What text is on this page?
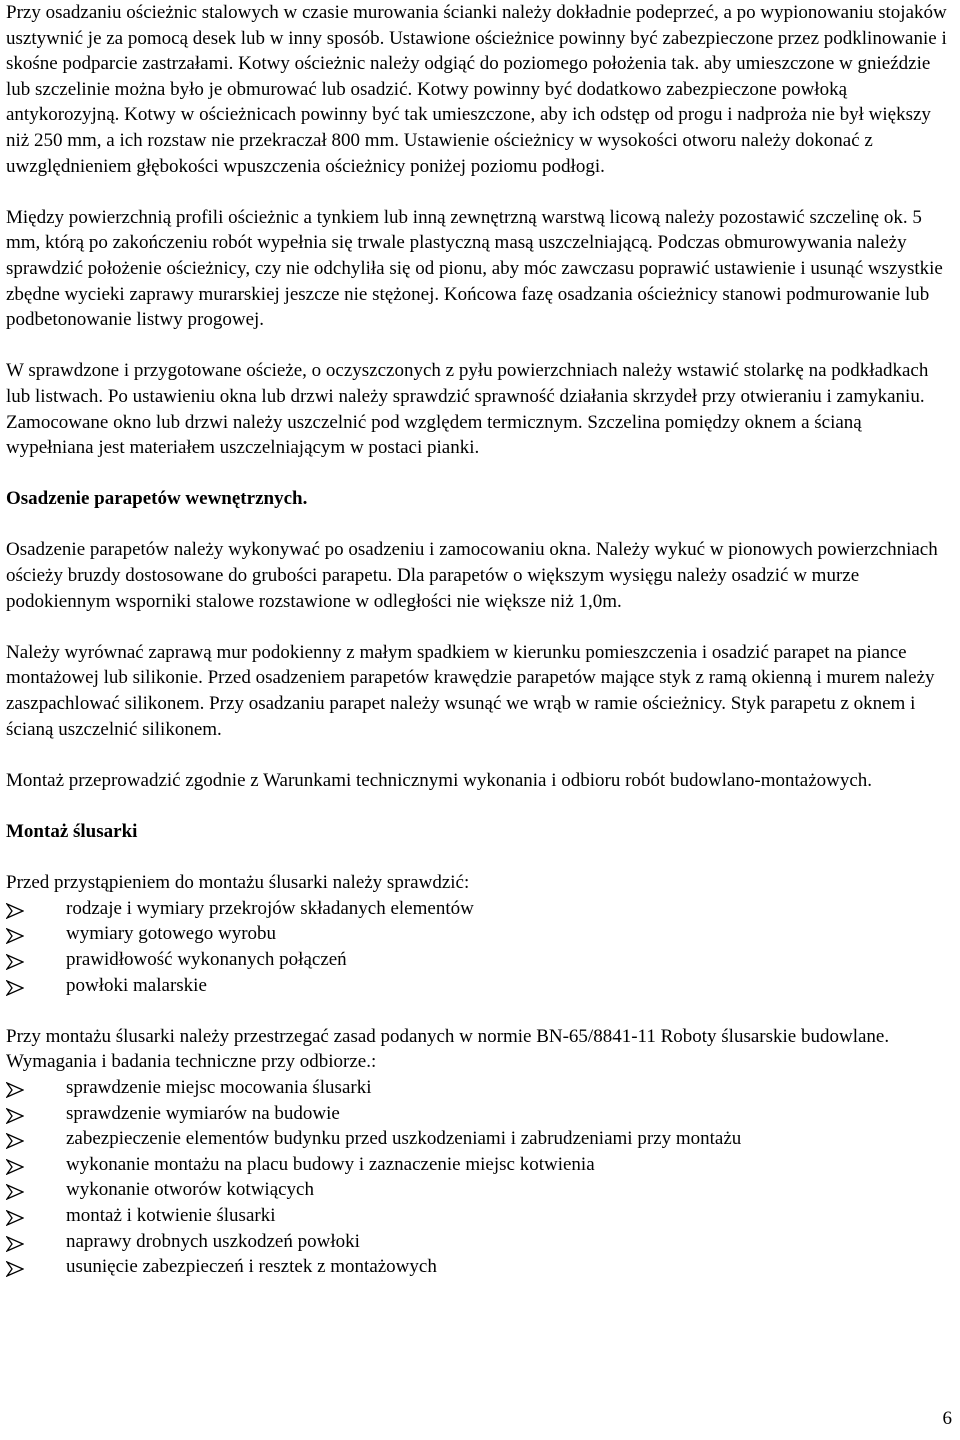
Przy osadzaniu ościeżnic stalowych w czasie murowania ścianki należy dokładnie podeprzeć, a po wypionowaniu stojaków usztywnić je za pomocą desek lub w inny sposób. Ustawione ościeżnice powinny być zabezpieczone przez podklinowanie i skośne podparcie zastrzałami. Kotwy ościeżnic należy odgiąć do poziomego położenia tak. aby umieszczone w gnieździe lub szczelinie można było je obmurować lub osadzić. Kotwy powinny być dodatkowo zabezpieczone powłoką antykorozyjną. Kotwy w ościeżnicach powinny być tak umieszczone, aby ich odstęp od progu i nadproża nie był większy niż 250 mm, a ich rozstaw nie przekraczał 800 mm. Ustawienie ościeżnicy w wysokości otworu należy dokonać z uwzględnieniem głębokości wpuszczenia ościeżnicy poniżej poziomu podłogi.

Między powierzchnią profili ościeżnic a tynkiem lub inną zewnętrzną warstwą licową należy pozostawić szczelinę ok. 5 mm, którą po zakończeniu robót wypełnia się trwale plastyczną masą uszczelniającą. Podczas obmurowywania należy sprawdzić położenie ościeżnicy, czy nie odchyliła się od pionu, aby móc zawczasu poprawić ustawienie i usunąć wszystkie zbędne wycieki zaprawy murarskiej jeszcze nie stężonej. Końcowa fazę osadzania ościeżnicy stanowi podmurowanie lub podbetonowanie listwy progowej.

W sprawdzone i przygotowane ościeże, o oczyszczonych z pyłu powierzchniach należy wstawić stolarkę na podkładkach lub listwach. Po ustawieniu okna lub drzwi należy sprawdzić sprawność działania skrzydeł przy otwieraniu i zamykaniu. Zamocowane okno lub drzwi należy uszczelnić pod względem termicznym. Szczelina pomiędzy oknem a ścianą wypełniana jest materiałem uszczelniającym w postaci pianki.

Osadzenie parapetów wewnętrznych.

Osadzenie parapetów należy wykonywać po osadzeniu i zamocowaniu okna. Należy wykuć w pionowych powierzchniach ościeży bruzdy dostosowane do grubości parapetu. Dla parapetów o większym wysięgu należy osadzić w murze podokiennym wsporniki stalowe rozstawione w odległości nie większe niż 1,0m.

Należy wyrównać zaprawą mur podokienny z małym spadkiem w kierunku pomieszczenia i osadzić parapet na piance montażowej lub silikonie. Przed osadzeniem parapetów krawędzie parapetów mające styk z ramą okienną i murem należy zaszpachlować silikonem. Przy osadzaniu parapet należy wsunąć we wrąb w ramie ościeżnicy. Styk parapetu z oknem i ścianą uszczelnić silikonem.

Montaż przeprowadzić zgodnie z Warunkami technicznymi wykonania i odbioru robót budowlano-montażowych.

Montaż ślusarki

Przed przystąpieniem do montażu ślusarki należy sprawdzić:

rodzaje i wymiary przekrojów składanych elementów
wymiary gotowego wyrobu
prawidłowość wykonanych połączeń
powłoki malarskie

Przy montażu ślusarki należy przestrzegać zasad podanych w normie BN-65/8841-11 Roboty ślusarskie budowlane. Wymagania i badania techniczne przy odbiorze.:

sprawdzenie miejsc mocowania ślusarki
sprawdzenie wymiarów na budowie
zabezpieczenie elementów budynku przed uszkodzeniami i zabrudzeniami przy montażu
wykonanie montażu na placu budowy i zaznaczenie miejsc kotwienia
wykonanie otworów kotwiących
montaż i kotwienie ślusarki
naprawy drobnych uszkodzeń powłoki
usunięcie zabezpieczeń i resztek z montażowych
6
